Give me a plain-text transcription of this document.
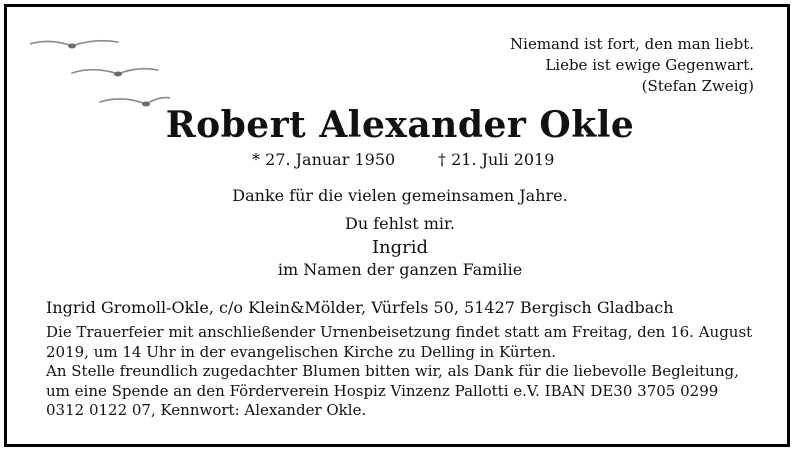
Niemand ist fort, den man liebt.
Liebe ist ewige Gegenwart.
(Stefan Zweig)
Robert Alexander Okle
* 27. Januar 1950	† 21. Juli 2019
Danke für die vielen gemeinsamen Jahre.
Du fehlst mir.
Ingrid
im Namen der ganzen Familie
Ingrid Gromoll-Okle, c/o Klein&Mölder, Vürfels 50, 51427 Bergisch Gladbach

Die Trauerfeier mit anschließender Urnenbeisetzung findet statt am Freitag, den 16. August 2019, um 14 Uhr in der evangelischen Kirche zu Delling in Kürten.

An Stelle freundlich zugedachter Blumen bitten wir, als Dank für die liebevolle Begleitung, um eine Spende an den Förderverein Hospiz Vinzenz Pallotti e.V. IBAN DE30 3705 0299 0312 0122 07, Kennwort: Alexander Okle.
